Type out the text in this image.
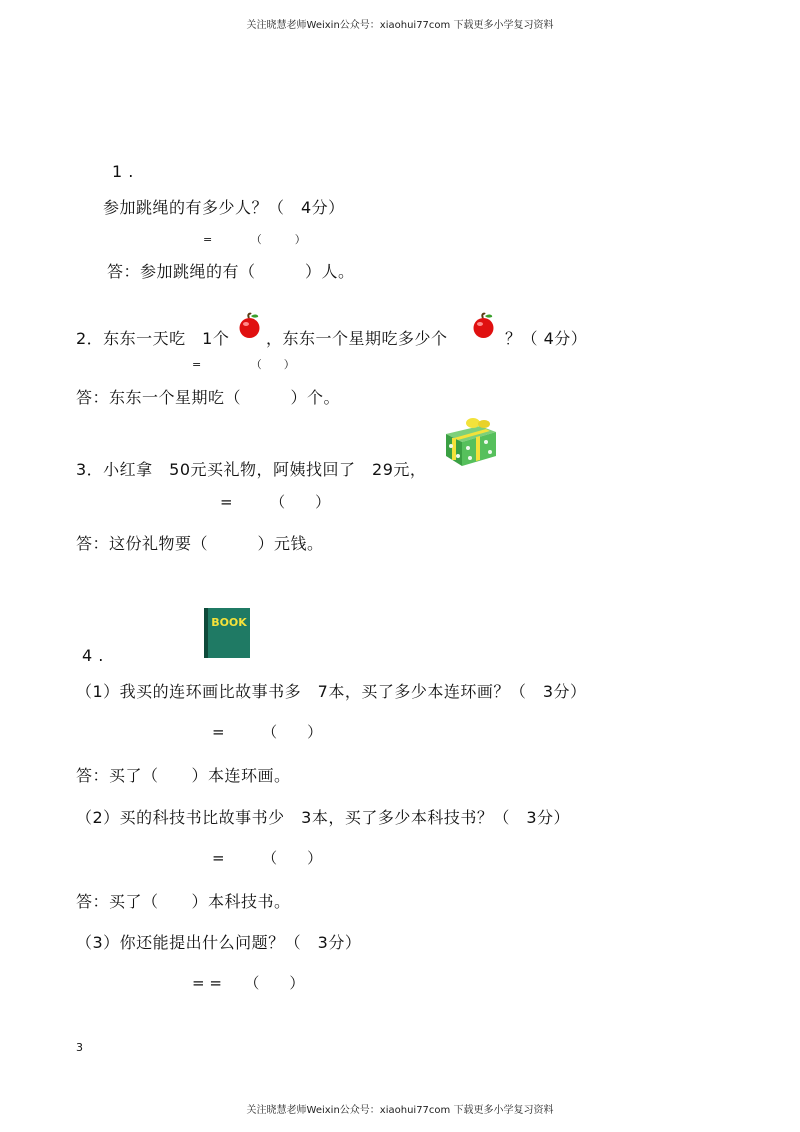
关注晓慧老师Weixin公众号：xiaohui77com 下载更多小学复习资料
1 .
参加跳绳的有多少人？（　4分）
=　　　　（　　　）
答：参加跳绳的有（　　　）人。
2．东东一天吃　1个 ，东东一个星期吃多少个	？（ 4分）
=　　　　　（　　）
答：东东一个星期吃（　　　）个。
3．小红拿　50元买礼物，阿姨找回了　29元，
=　　　（　　）
答：这份礼物要（　　　）元钱。
BOOK
4 .
（1）我买的连环画比故事书多　7本，买了多少本连环画？（　3分）
=　　　（　　）
答：买了（　　）本连环画。
（2）买的科技书比故事书少　3本，买了多少本科技书？（　3分）
=　　　（　　）
答：买了（　　）本科技书。
（3）你还能提出什么问题？（　3分）
= =　　（　　）
3
关注晓慧老师Weixin公众号：xiaohui77com 下载更多小学复习资料
